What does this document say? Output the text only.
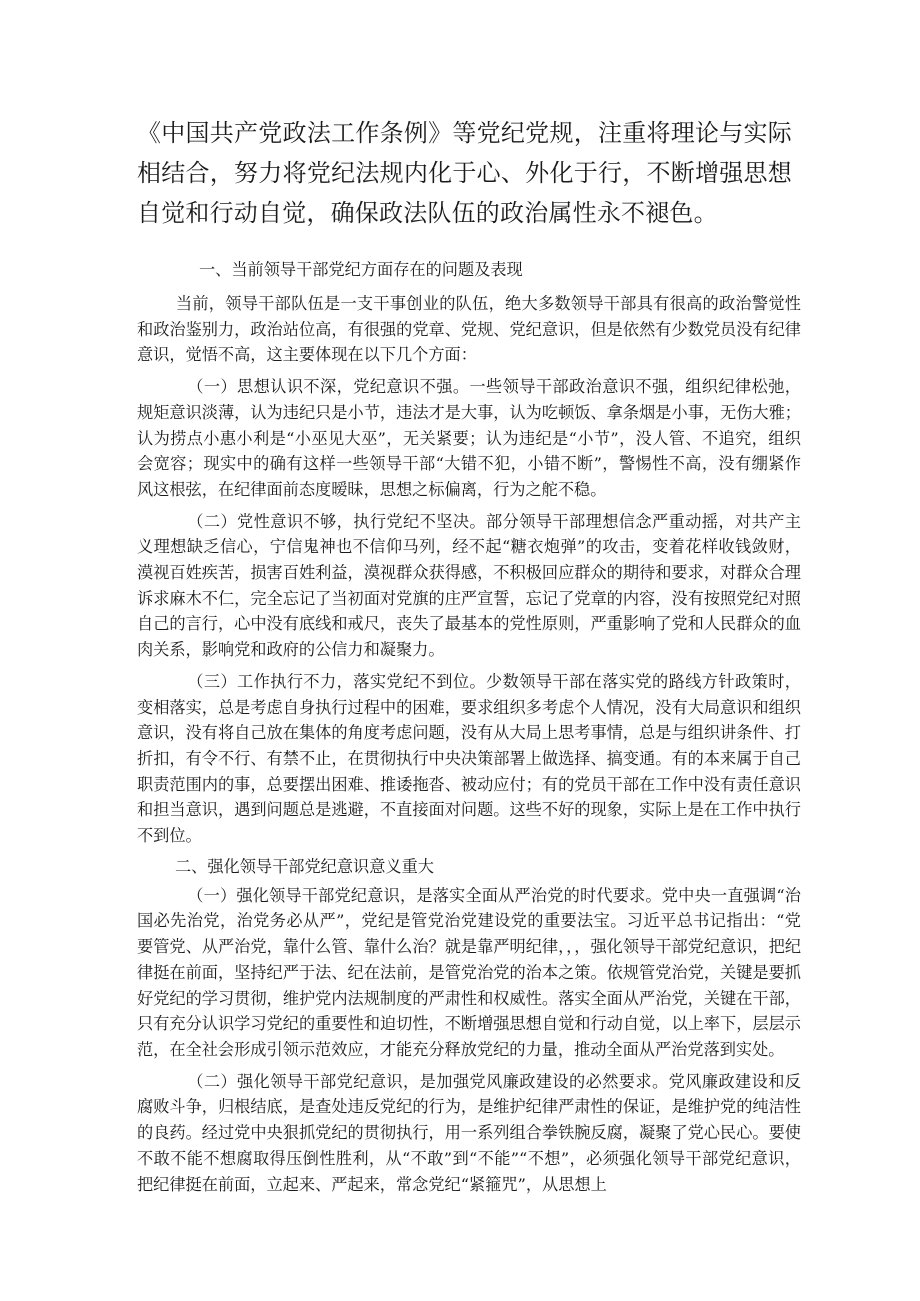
《中国共产党政法工作条例》等党纪党规，注重将理论与实际相结合，努力将党纪法规内化于心、外化于行，不断增强思想自觉和行动自觉，确保政法队伍的政治属性永不褪色。

一、当前领导干部党纪方面存在的问题及表现

当前，领导干部队伍是一支干事创业的队伍，绝大多数领导干部具有很高的政治警觉性和政治鉴别力，政治站位高，有很强的党章、党规、党纪意识，但是依然有少数党员没有纪律意识，觉悟不高，这主要体现在以下几个方面：

（一）思想认识不深，党纪意识不强。一些领导干部政治意识不强，组织纪律松弛，规矩意识淡薄，认为违纪只是小节，违法才是大事，认为吃顿饭、拿条烟是小事，无伤大雅；认为捞点小惠小利是“小巫见大巫”，无关紧要；认为违纪是“小节”，没人管、不追究，组织会宽容；现实中的确有这样一些领导干部“大错不犯，小错不断”，警惕性不高，没有绷紧作风这根弦，在纪律面前态度暧昧，思想之标偏离，行为之舵不稳。

（二）党性意识不够，执行党纪不坚决。部分领导干部理想信念严重动摇，对共产主义理想缺乏信心，宁信鬼神也不信仰马列，经不起“糖衣炮弹”的攻击，变着花样收钱敛财，漠视百姓疾苦，损害百姓利益，漠视群众获得感，不积极回应群众的期待和要求，对群众合理诉求麻木不仁，完全忘记了当初面对党旗的庄严宣誓，忘记了党章的内容，没有按照党纪对照自己的言行，心中没有底线和戒尺，丧失了最基本的党性原则，严重影响了党和人民群众的血肉关系，影响党和政府的公信力和凝聚力。

（三）工作执行不力，落实党纪不到位。少数领导干部在落实党的路线方针政策时，变相落实，总是考虑自身执行过程中的困难，要求组织多考虑个人情况，没有大局意识和组织意识，没有将自己放在集体的角度考虑问题，没有从大局上思考事情，总是与组织讲条件、打折扣，有令不行、有禁不止，在贯彻执行中央决策部署上做选择、搞变通。有的本来属于自己职责范围内的事，总要摆出困难、推诿拖沓、被动应付；有的党员干部在工作中没有责任意识和担当意识，遇到问题总是逃避，不直接面对问题。这些不好的现象，实际上是在工作中执行不到位。

二、强化领导干部党纪意识意义重大

（一）强化领导干部党纪意识，是落实全面从严治党的时代要求。党中央一直强调“治国必先治党，治党务必从严”，党纪是管党治党建设党的重要法宝。习近平总书记指出：“党要管党、从严治党，靠什么管、靠什么治？就是靠严明纪律，，，强化领导干部党纪意识，把纪律挺在前面，坚持纪严于法、纪在法前，是管党治党的治本之策。依规管党治党，关键是要抓好党纪的学习贯彻，维护党内法规制度的严肃性和权威性。落实全面从严治党，关键在干部，只有充分认识学习党纪的重要性和迫切性，不断增强思想自觉和行动自觉，以上率下，层层示范，在全社会形成引领示范效应，才能充分释放党纪的力量，推动全面从严治党落到实处。

（二）强化领导干部党纪意识，是加强党风廉政建设的必然要求。党风廉政建设和反腐败斗争，归根结底，是查处违反党纪的行为，是维护纪律严肃性的保证，是维护党的纯洁性的良药。经过党中央狠抓党纪的贯彻执行，用一系列组合拳铁腕反腐，凝聚了党心民心。要使不敢不能不想腐取得压倒性胜利，从“不敢”到“不能”“不想”，必须强化领导干部党纪意识，把纪律挺在前面，立起来、严起来，常念党纪“紧箍咒”，从思想上
